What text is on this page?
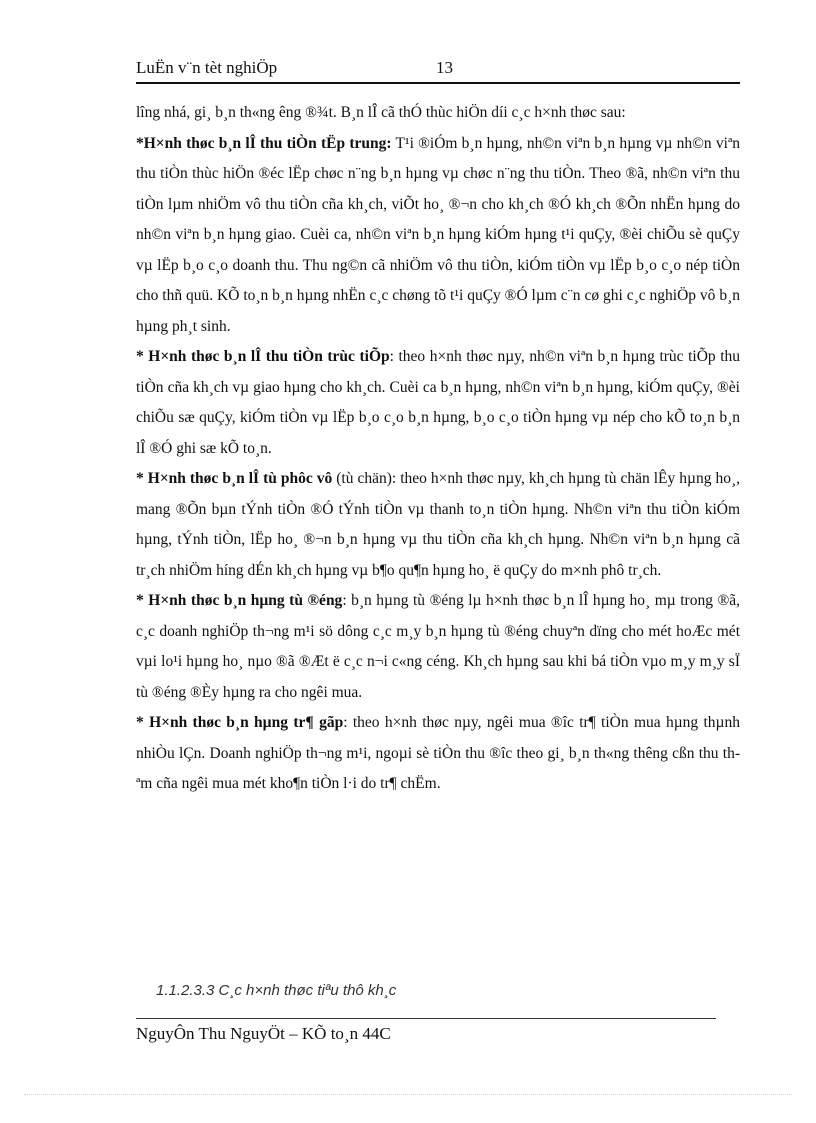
LuËn v¨n tèt nghiÖp	13

lîng nhá, gi¸ b¸n th«ng êng ®¾t. B¸n lÎ cã thÓ thùc hiÖn díi c¸c h×nh thøc sau:

*H×nh thøc b¸n lÎ thu tiÒn tËp trung: T¹i ®iÓm b¸n hµng, nh©n viªn b¸n hµng vµ nh©n viªn thu tiÒn thùc hiÖn ®éc lËp chøc n¨ng b¸n hµng vµ chøc n¨ng thu tiÒn. Theo ®ã, nh©n viªn thu tiÒn lµm nhiÖm vô thu tiÒn cña kh¸ch, viÕt ho¸ ®¬n cho kh¸ch ®Ó kh¸ch ®Õn nhËn hµng do nh©n viªn b¸n hµng giao. Cuèi ca, nh©n viªn b¸n hµng kiÓm hµng t¹i quÇy, ®èi chiÕu sè quÇy vµ lËp b¸o c¸o doanh thu. Thu ng©n cã nhiÖm vô thu tiÒn, kiÓm tiÒn vµ lËp b¸o c¸o nép tiÒn cho thñ quü. KÕ to¸n b¸n hµng nhËn c¸c chøng tõ t¹i quÇy ®Ó lµm c¨n cø ghi c¸c nghiÖp vô b¸n hµng ph¸t sinh.

* H×nh thøc b¸n lÎ thu tiÒn trùc tiÕp: theo h×nh thøc nµy, nh©n viªn b¸n hµng trùc tiÕp thu tiÒn cña kh¸ch vµ giao hµng cho kh¸ch. Cuèi ca b¸n hµng, nh©n viªn b¸n hµng, kiÓm quÇy, ®èi chiÕu sæ quÇy, kiÓm tiÒn vµ lËp b¸o c¸o b¸n hµng, b¸o c¸o tiÒn hµng vµ nép cho kÕ to¸n b¸n lÎ ®Ó ghi sæ kÕ to¸n.

* H×nh thøc b¸n lÎ tù phôc vô (tù chän): theo h×nh thøc nµy, kh¸ch hµng tù chän lÊy hµng ho¸, mang ®Õn bµn tÝnh tiÒn ®Ó tÝnh tiÒn vµ thanh to¸n tiÒn hµng. Nh©n viªn thu tiÒn kiÓm hµng, tÝnh tiÒn, lËp ho¸ ®¬n b¸n hµng vµ thu tiÒn cña kh¸ch hµng. Nh©n viªn b¸n hµng cã tr¸ch nhiÖm híng dÉn kh¸ch hµng vµ b¶o qu¶n hµng ho¸ ë quÇy do m×nh phô tr¸ch.

* H×nh thøc b¸n hµng tù ®éng: b¸n hµng tù ®éng lµ h×nh thøc b¸n lÎ hµng ho¸ mµ trong ®ã, c¸c doanh nghiÖp th¬ng m¹i sö dông c¸c m¸y b¸n hµng tù ®éng chuyªn dïng cho mét hoÆc mét vµi lo¹i hµng ho¸ nµo ®ã ®Æt ë c¸c n¬i c«ng céng. Kh¸ch hµng sau khi bá tiÒn vµo m¸y m¸y sÏ tù ®éng ®Èy hµng ra cho ngêi mua.

* H×nh thøc b¸n hµng tr¶ gãp: theo h×nh thøc nµy, ngêi mua ®îc tr¶ tiÒn mua hµng thµnh nhiÒu lÇn. Doanh nghiÖp th¬ng m¹i, ngoµi sè tiÒn thu ®îc theo gi¸ b¸n th«ng thêng cßn thu thªm cña ngêi mua mét kho¶n tiÒn l·i do tr¶ chËm.

1.1.2.3.3 C¸c h×nh thøc tiªu thô kh¸c
NguyÔn Thu NguyÖt – KÕ to¸n 44C
